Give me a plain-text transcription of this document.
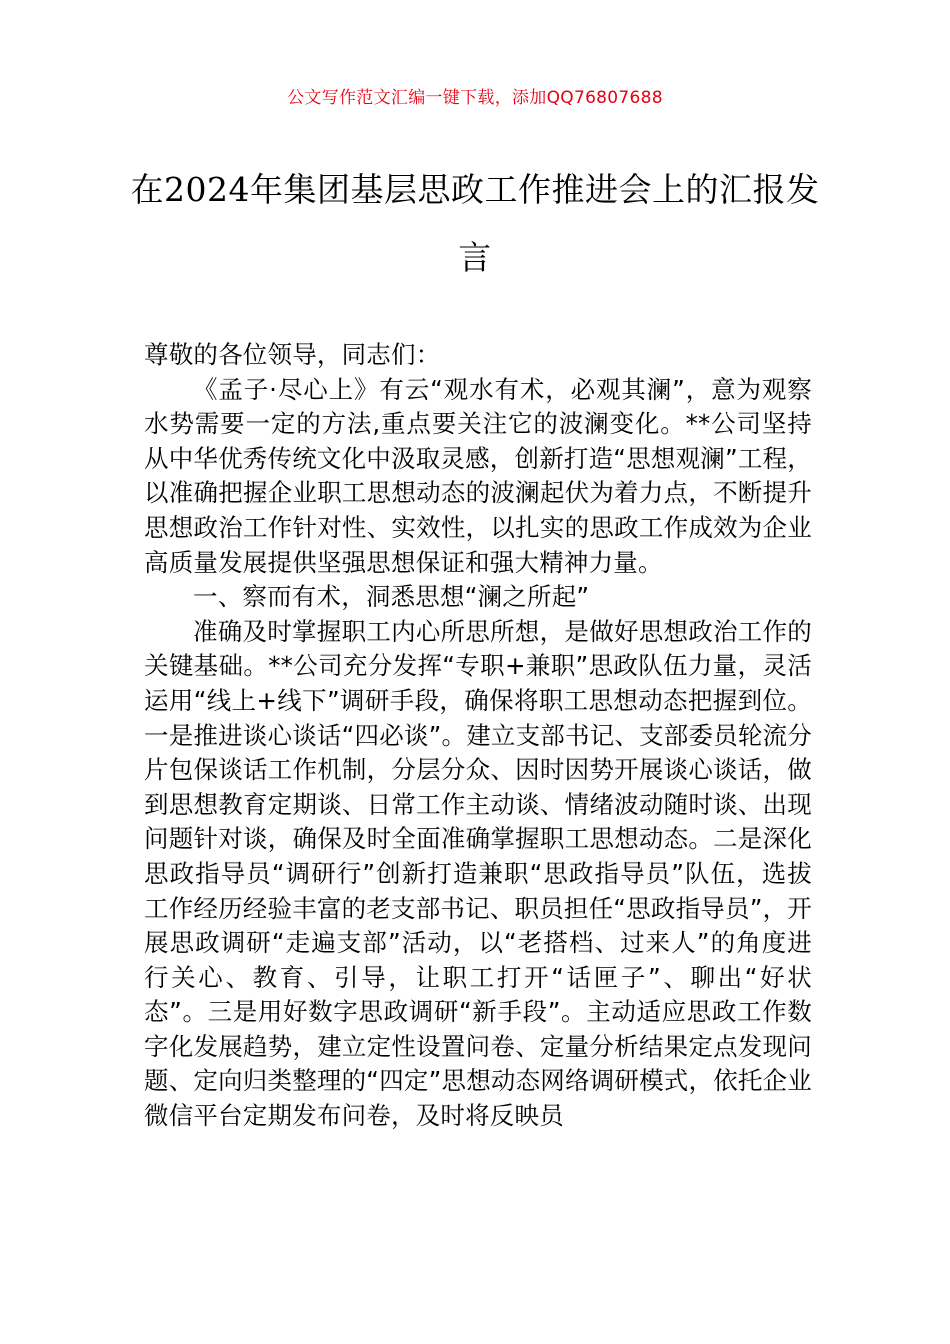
公文写作范文汇编一键下载，添加QQ76807688
在2024年集团基层思政工作推进会上的汇报发言

尊敬的各位领导，同志们：

《孟子·尽心上》有云“观水有术，必观其澜”，意为观察水势需要一定的方法,重点要关注它的波澜变化。**公司坚持从中华优秀传统文化中汲取灵感，创新打造“思想观澜”工程，以准确把握企业职工思想动态的波澜起伏为着力点，不断提升思想政治工作针对性、实效性，以扎实的思政工作成效为企业高质量发展提供坚强思想保证和强大精神力量。

一、察而有术，洞悉思想“澜之所起”

准确及时掌握职工内心所思所想，是做好思想政治工作的关键基础。**公司充分发挥“专职+兼职”思政队伍力量，灵活运用“线上+线下”调研手段，确保将职工思想动态把握到位。一是推进谈心谈话“四必谈”。建立支部书记、支部委员轮流分片包保谈话工作机制，分层分众、因时因势开展谈心谈话，做到思想教育定期谈、日常工作主动谈、情绪波动随时谈、出现问题针对谈，确保及时全面准确掌握职工思想动态。二是深化思政指导员“调研行”创新打造兼职“思政指导员”队伍，选拔工作经历经验丰富的老支部书记、职员担任“思政指导员”，开展思政调研“走遍支部”活动，以“老搭档、过来人”的角度进行关心、教育、引导，让职工打开“话匣子”、聊出“好状态”。三是用好数字思政调研“新手段”。主动适应思政工作数字化发展趋势，建立定性设置问卷、定量分析结果定点发现问题、定向归类整理的“四定”思想动态网络调研模式，依托企业微信平台定期发布问卷，及时将反映员
